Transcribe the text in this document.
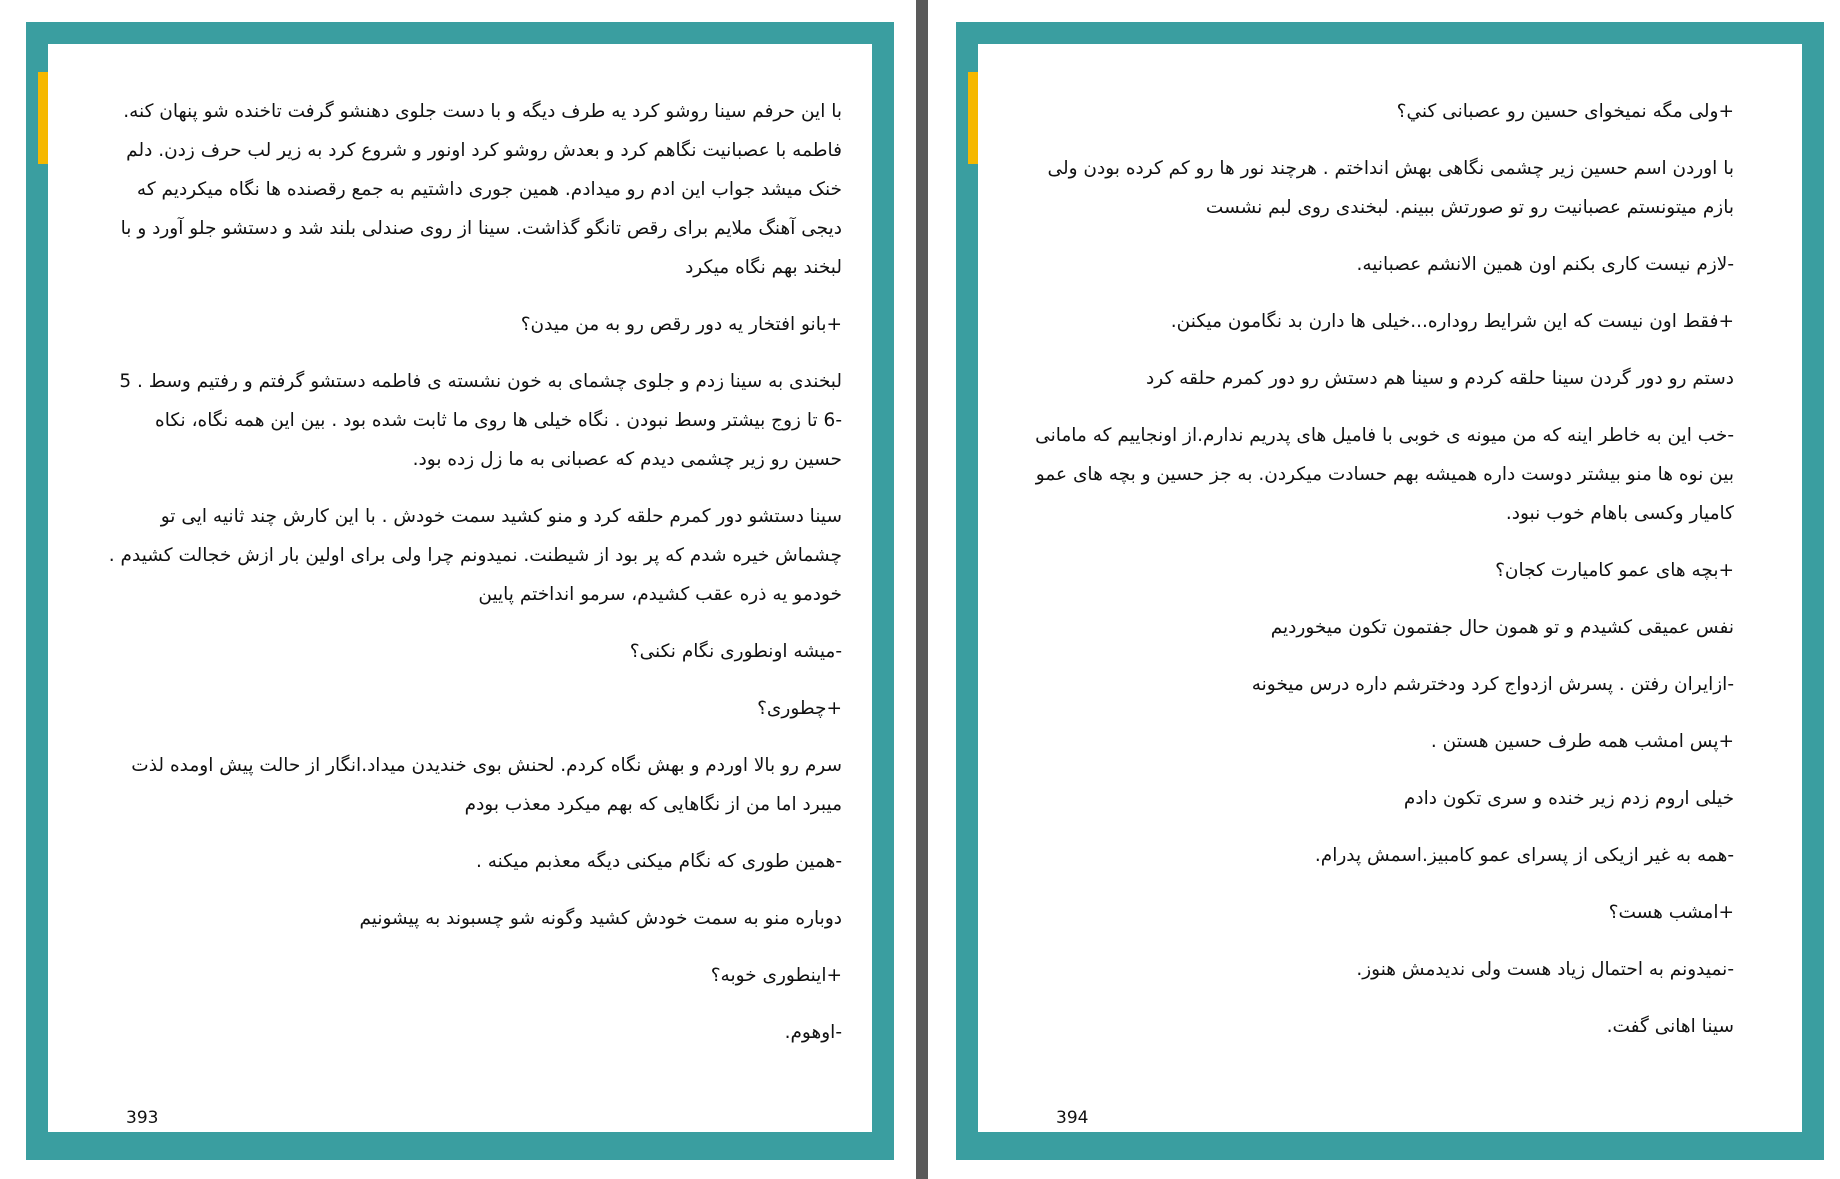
با این حرفم سینا روشو کرد یه طرف دیگه و با دست جلوی دهنشو گرفت تاخنده شو پنهان کنه. فاطمه با عصبانیت نگاهم کرد و بعدش روشو کرد اونور و شروع کرد به زیر لب حرف زدن. دلم خنک میشد جواب این ادم رو میدادم. همین جوری داشتیم به جمع رقصنده ها نگاه میکردیم که دیجی آهنگ ملایم برای رقص تانگو گذاشت. سینا از روی صندلی بلند شد و دستشو جلو آورد و با لبخند بهم نگاه میکرد

+بانو افتخار یه دور رقص رو به من میدن؟

لبخندی به سینا زدم و جلوی چشمای به خون نشسته ی فاطمه دستشو گرفتم و رفتیم وسط . 5 -6 تا زوج بیشتر وسط نبودن . نگاه خیلی ها روی ما ثابت شده بود . بین این همه نگاه، نکاه حسین رو زیر چشمی دیدم که عصبانی به ما زل زده بود.

سینا دستشو دور کمرم حلقه کرد و منو کشید سمت خودش . با این کارش چند ثانیه ایی تو چشماش خیره شدم که پر بود از شیطنت. نمیدونم چرا ولی برای اولین بار ازش خجالت کشیدم . خودمو یه ذره عقب کشیدم، سرمو انداختم پایین

-میشه اونطوری نگام نکنی؟

+چطوری؟

سرم رو بالا اوردم و بهش نگاه کردم. لحنش بوی خندیدن میداد.انگار از حالت پیش اومده لذت میبرد اما من از نگاهایی که بهم میکرد معذب بودم

-همین طوری که نگام میکنی دیگه معذبم میکنه .

دوباره منو به سمت خودش کشید وگونه شو چسبوند به پیشونیم

+اینطوری خوبه؟

-اوهوم.

393

+ولی مگه نمیخوای حسین رو عصبانی کني؟

با اوردن اسم حسین زیر چشمی نگاهی بهش انداختم . هرچند نور ها رو کم کرده بودن ولی بازم میتونستم عصبانیت رو تو صورتش ببینم. لبخندی روی لبم نشست

-لازم نیست کاری بکنم اون همین الانشم عصبانیه.

+فقط اون نیست که این شرایط روداره...خیلی ها دارن بد نگامون میکنن.

دستم رو دور گردن سینا حلقه کردم و سینا هم دستش رو دور کمرم حلقه کرد

-خب این به خاطر اینه که من میونه ی خوبی با فامیل های پدریم ندارم.از اونجاییم که مامانی بین نوه ها منو بیشتر دوست داره همیشه بهم حسادت میکردن. به جز حسین و بچه های عمو کامیار وکسی باهام خوب نبود.

+بچه های عمو کامیارت کجان؟

نفس عمیقی کشیدم و تو همون حال جفتمون تکون میخوردیم

-ازایران رفتن . پسرش ازدواج کرد ودخترشم داره درس میخونه

+پس امشب همه طرف حسین هستن .

خیلی اروم زدم زیر خنده و سری تکون دادم

-همه به غیر ازیکی از پسرای عمو کامبیز.اسمش پدرام.

+امشب هست؟

-نمیدونم به احتمال زیاد هست ولی ندیدمش هنوز.

سینا اهانی گفت.

394
